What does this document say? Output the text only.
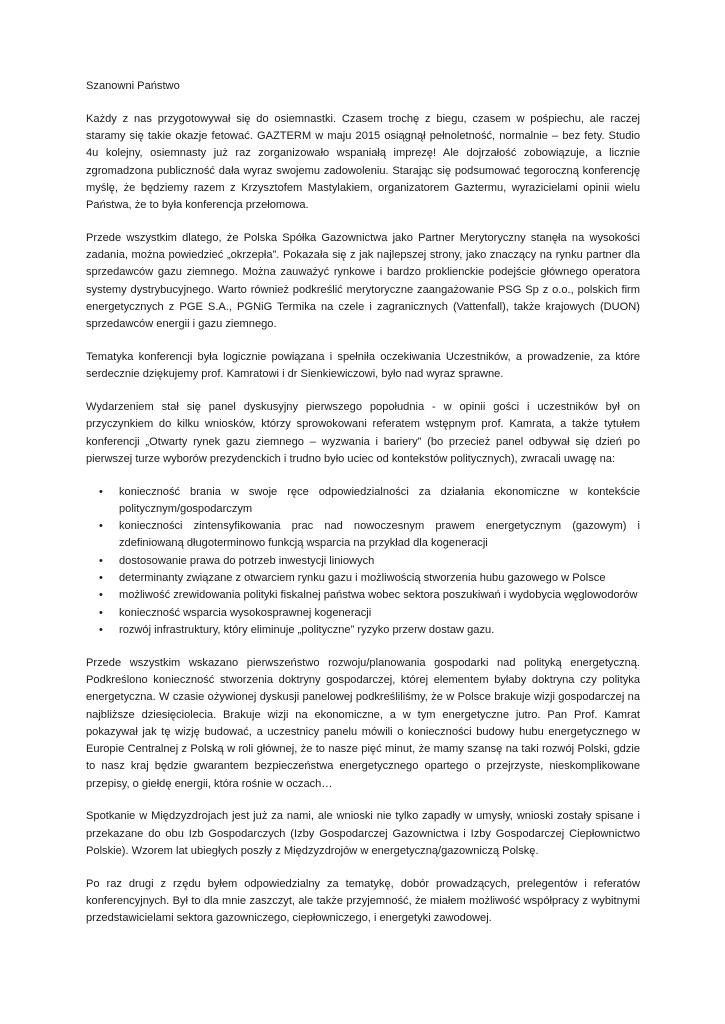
Szanowni Państwo

Każdy z nas przygotowywał się do osiemnastki. Czasem trochę z biegu, czasem w pośpiechu, ale raczej staramy się takie okazje fetować. GAZTERM w maju 2015 osiągnął pełnoletność, normalnie – bez fety. Studio 4u kolejny, osiemnasty już raz zorganizowało wspaniałą imprezę! Ale dojrzałość zobowiązuje, a licznie zgromadzona publiczność dała wyraz swojemu zadowoleniu. Starając się podsumować tegoroczną konferencję myślę, że będziemy razem z Krzysztofem Mastylakiem, organizatorem Gaztermu, wyrazicielami opinii wielu Państwa, że to była konferencja przełomowa.

Przede wszystkim dlatego, że Polska Spółka Gazownictwa jako Partner Merytoryczny stanęła na wysokości zadania, można powiedzieć „okrzepła”. Pokazała się z jak najlepszej strony, jako znaczący na rynku partner dla sprzedawców gazu ziemnego. Można zauważyć rynkowe i bardzo proklienckie podejście głównego operatora systemy dystrybucyjnego. Warto również podkreślić merytoryczne zaangażowanie PSG Sp z o.o., polskich firm energetycznych z PGE S.A., PGNiG Termika na czele i zagranicznych (Vattenfall), także krajowych (DUON) sprzedawców energii i gazu ziemnego.

Tematyka konferencji była logicznie powiązana i spełniła oczekiwania Uczestników, a prowadzenie, za które serdecznie dziękujemy prof. Kamratowi i dr Sienkiewiczowi, było nad wyraz sprawne.

Wydarzeniem stał się panel dyskusyjny pierwszego popołudnia - w opinii gości i uczestników był on przyczynkiem do kilku wniosków, którzy sprowokowani referatem wstępnym prof. Kamrata, a także tytułem konferencji „Otwarty rynek gazu ziemnego – wyzwania i bariery” (bo przecież panel odbywał się dzień po pierwszej turze wyborów prezydenckich i trudno było uciec od kontekstów politycznych), zwracali uwagę na:

• konieczność brania w swoje ręce odpowiedzialności za działania ekonomiczne w kontekście politycznym/gospodarczym
• konieczności zintensyfikowania prac nad nowoczesnym prawem energetycznym (gazowym) i zdefiniowaną długoterminowo funkcją wsparcia na przykład dla kogeneracji
• dostosowanie prawa do potrzeb inwestycji liniowych
• determinanty związane z otwarciem rynku gazu i możliwością stworzenia hubu gazowego w Polsce
• możliwość zrewidowania polityki fiskalnej państwa wobec sektora poszukiwań i wydobycia węglowodorów
• konieczność wsparcia wysokosprawnej kogeneracji
• rozwój infrastruktury, który eliminuje „polityczne” ryzyko przerw dostaw gazu.

Przede wszystkim wskazano pierwszeństwo rozwoju/planowania gospodarki nad polityką energetyczną. Podkreślono konieczność stworzenia doktryny gospodarczej, której elementem byłaby doktryna czy polityka energetyczna. W czasie ożywionej dyskusji panelowej podkreśliliśmy, że w Polsce brakuje wizji gospodarczej na najbliższe dziesięciolecia. Brakuje wizji na ekonomiczne, a w tym energetyczne jutro. Pan Prof. Kamrat pokazywał jak tę wizję budować, a uczestnicy panelu mówili o konieczności budowy hubu energetycznego w Europie Centralnej z Polską w roli głównej, że to nasze pięć minut, że mamy szansę na taki rozwój Polski, gdzie to nasz kraj będzie gwarantem bezpieczeństwa energetycznego opartego o przejrzyste, nieskomplikowane przepisy, o giełdę energii, która rośnie w oczach…

Spotkanie w Międzyzdrojach jest już za nami, ale wnioski nie tylko zapadły w umysły, wnioski zostały spisane i przekazane do obu Izb Gospodarczych (Izby Gospodarczej Gazownictwa i Izby Gospodarczej Ciepłownictwo Polskie). Wzorem lat ubiegłych poszły z Międzyzdrojów w energetyczną/gazowniczą Polskę.

Po raz drugi z rzędu byłem odpowiedzialny za tematykę, dobór prowadzących, prelegentów i referatów konferencyjnych. Był to dla mnie zaszczyt, ale także przyjemność, że miałem możliwość współpracy z wybitnymi przedstawicielami sektora gazowniczego, ciepłowniczego, i energetyki zawodowej.
